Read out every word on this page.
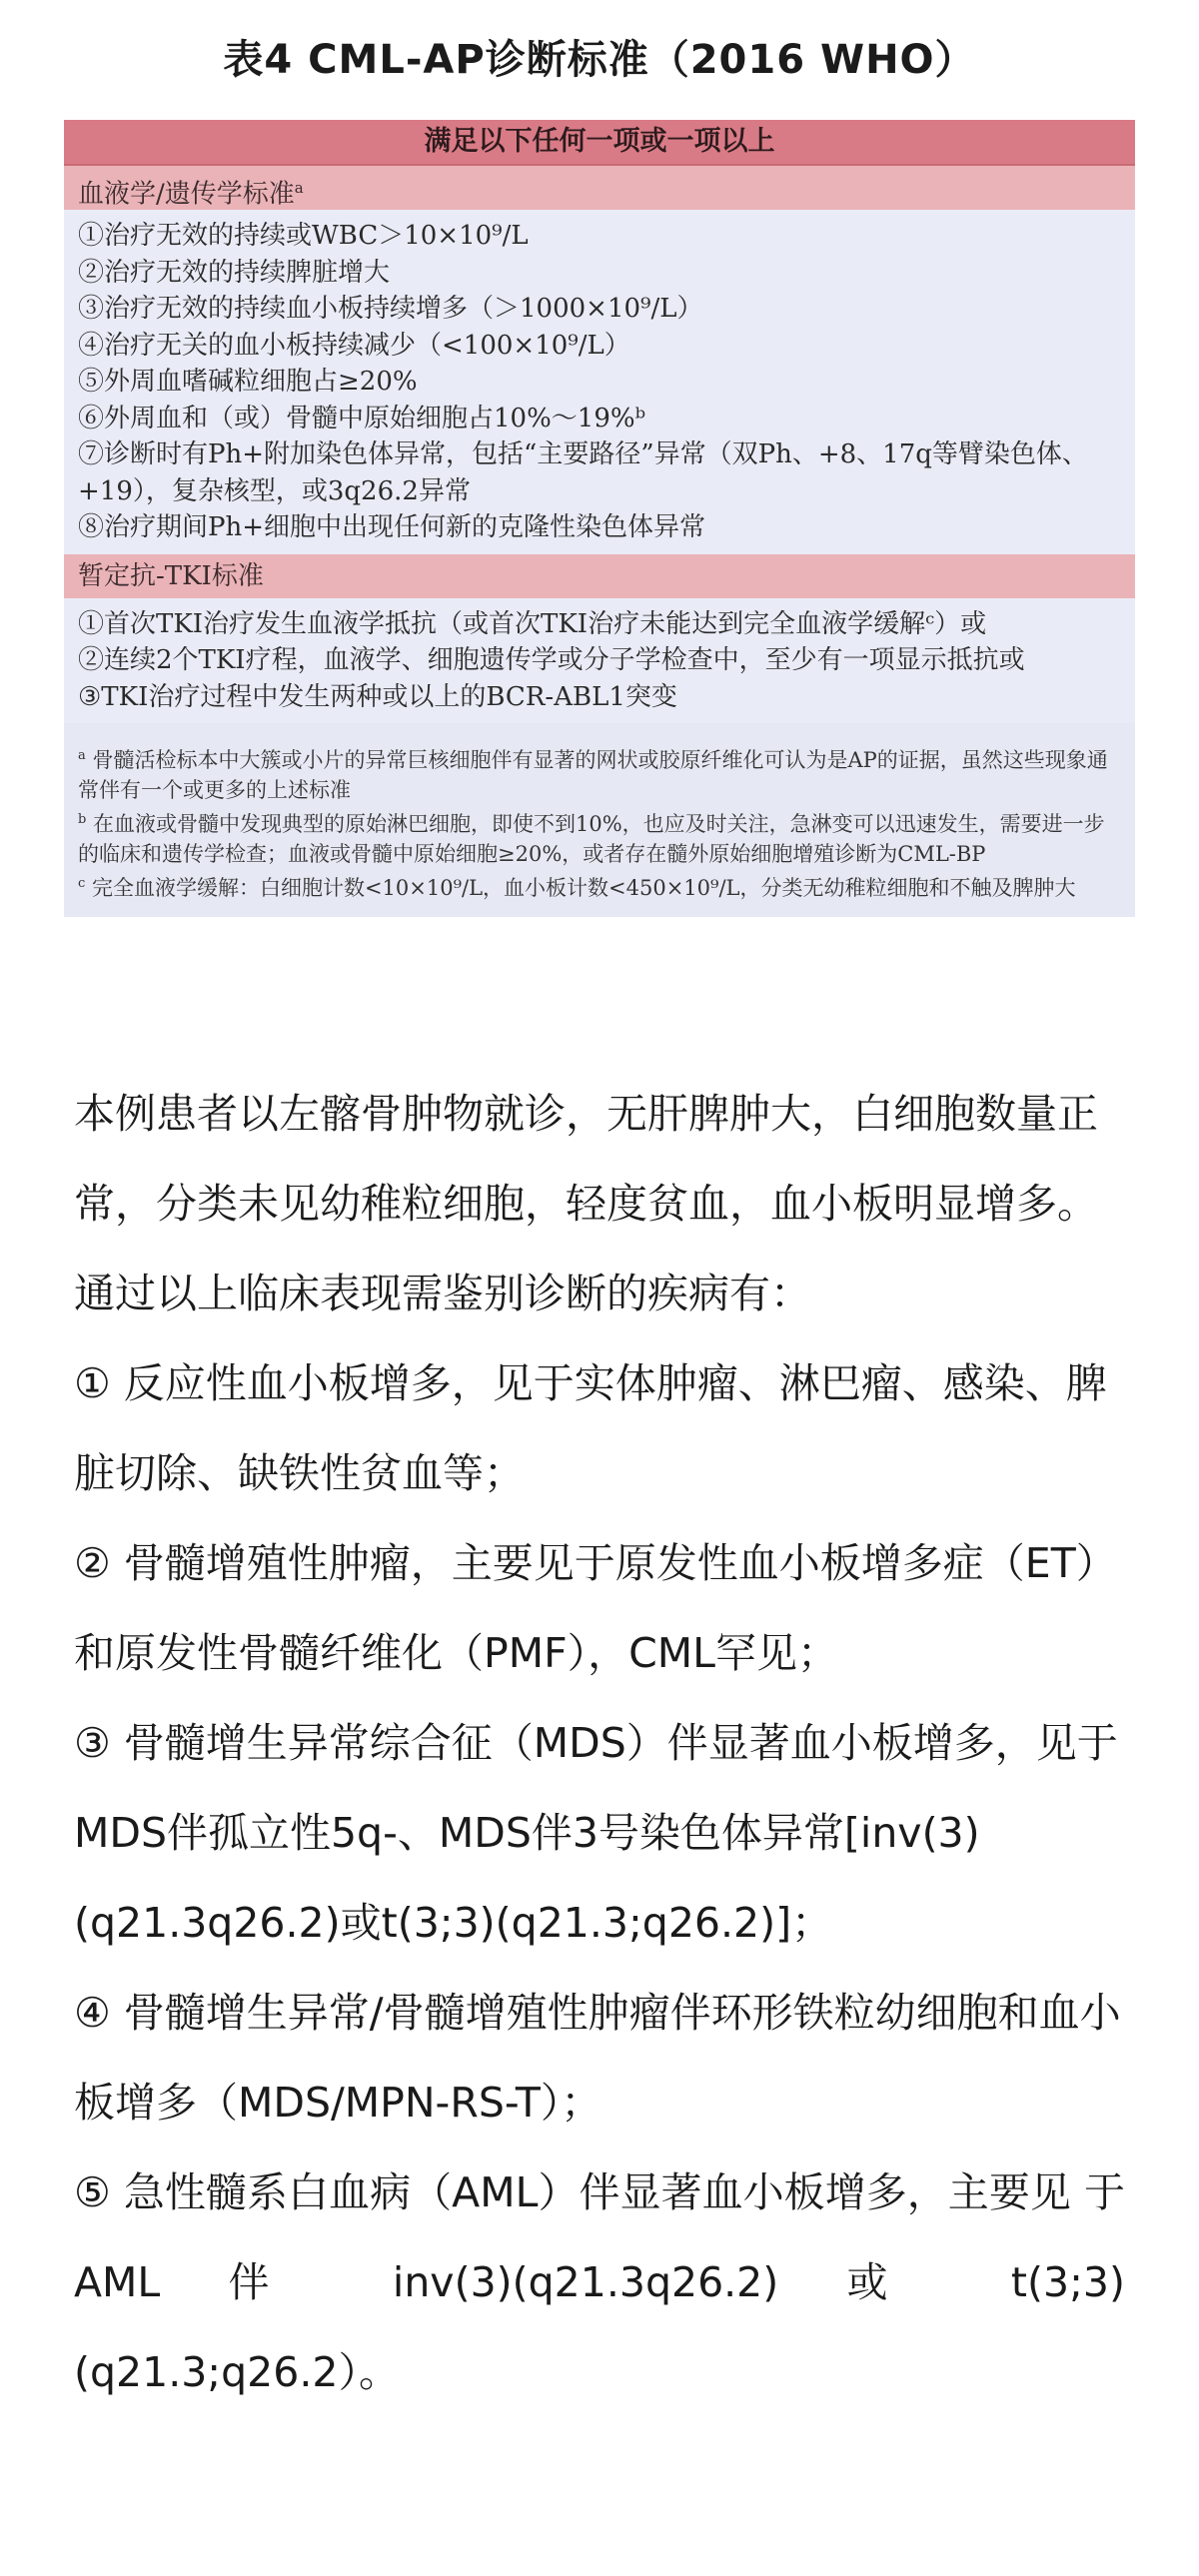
表4 CML-AP诊断标准（2016 WHO）
满足以下任何一项或一项以上
血液学/遗传学标准$^a$
①治疗无效的持续或WBC＞10×10⁹/L
②治疗无效的持续脾脏增大
③治疗无效的持续血小板持续增多（＞1000×10⁹/L）
④治疗无关的血小板持续减少（<100×10⁹/L）
⑤外周血嗜碱粒细胞占≥20%
⑥外周血和（或）骨髓中原始细胞占10%～19%ᵇ
⑦诊断时有Ph+附加染色体异常，包括“主要路径”异常（双Ph、+8、17q等臂染色体、+19），复杂核型，或3q26.2异常
⑧治疗期间Ph+细胞中出现任何新的克隆性染色体异常
暂定抗-TKI标准
①首次TKI治疗发生血液学抵抗（或首次TKI治疗未能达到完全血液学缓解ᶜ）或
②连续2个TKI疗程，血液学、细胞遗传学或分子学检查中，至少有一项显示抵抗或
③TKI治疗过程中发生两种或以上的BCR-ABL1突变

$^a$ 骨髓活检标本中大簇或小片的异常巨核细胞伴有显著的网状或胶原纤维化可认为是AP的证据，虽然这些现象通常伴有一个或更多的上述标准

$^b$ 在血液或骨髓中发现典型的原始淋巴细胞，即使不到10%，也应及时关注，急淋变可以迅速发生，需要进一步的临床和遗传学检查；血液或骨髓中原始细胞≥20%，或者存在髓外原始细胞增殖诊断为CML-BP

$^c$ 完全血液学缓解：白细胞计数<10×10⁹/L，血小板计数<450×10⁹/L，分类无幼稚粒细胞和不触及脾肿大

本例患者以左髂骨肿物就诊，无肝脾肿大，白细胞数量正常，分类未见幼稚粒细胞，轻度贫血，血小板明显增多。

通过以上临床表现需鉴别诊断的疾病有：

① 反应性血小板增多，见于实体肿瘤、淋巴瘤、感染、脾脏切除、缺铁性贫血等；

② 骨髓增殖性肿瘤，主要见于原发性血小板增多症（ET）和原发性骨髓纤维化（PMF），CML罕见；

③ 骨髓增生异常综合征（MDS）伴显著血小板增多，见于MDS伴孤立性5q-、MDS伴3号染色体异常[inv(3)(q21.3q26.2)或t(3;3)(q21.3;q26.2)]；

④ 骨髓增生异常/骨髓增殖性肿瘤伴环形铁粒幼细胞和血小板增多（MDS/MPN-RS-T）；

⑤ 急性髓系白血病（AML）伴显著血小板增多，主要见 于 AML 伴 inv(3)(q21.3q26.2) 或 t(3;3)

(q21.3;q26.2）。
